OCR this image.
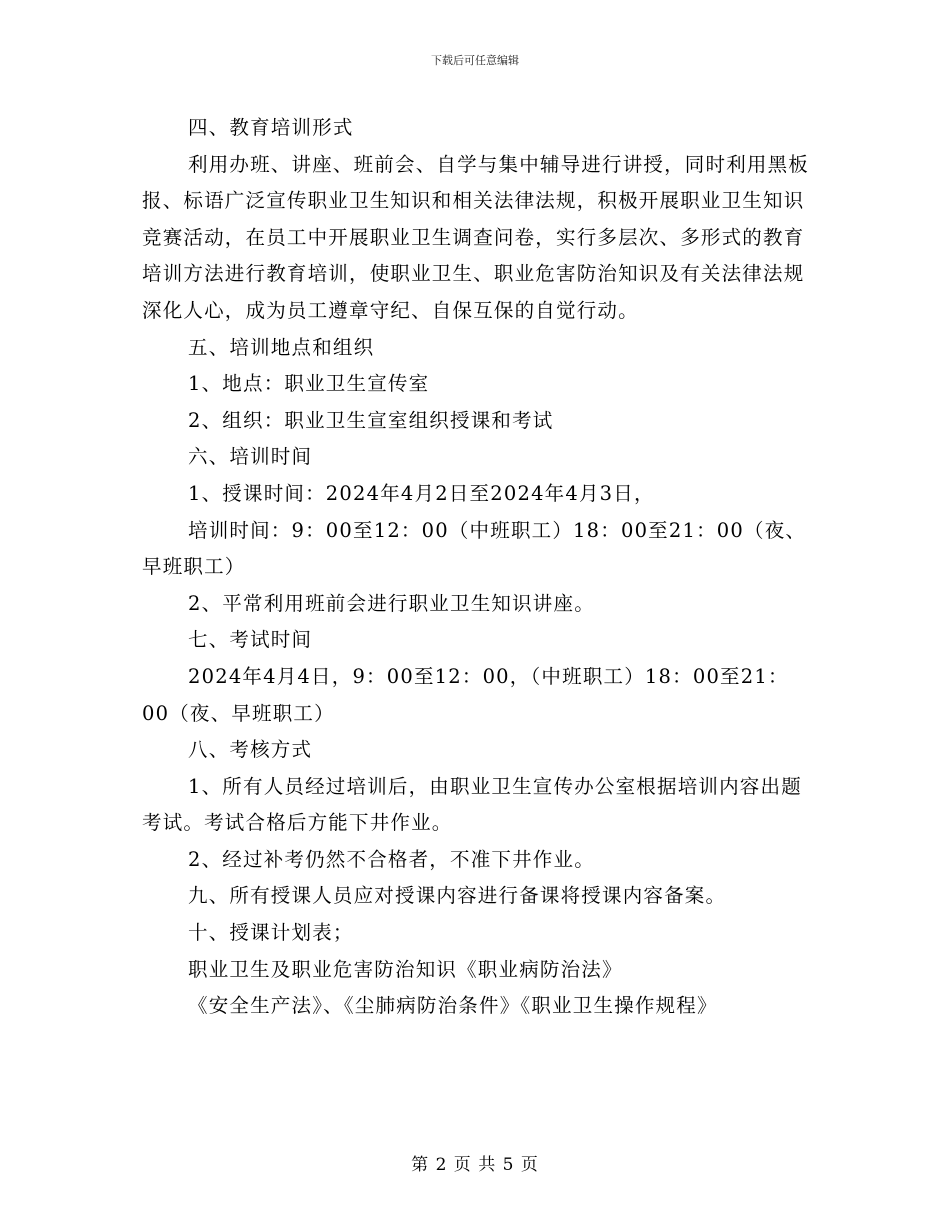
下载后可任意编辑

四、教育培训形式

利用办班、讲座、班前会、自学与集中辅导进行讲授，同时利用黑板报、标语广泛宣传职业卫生知识和相关法律法规，积极开展职业卫生知识竞赛活动，在员工中开展职业卫生调查问卷，实行多层次、多形式的教育培训方法进行教育培训，使职业卫生、职业危害防治知识及有关法律法规深化人心，成为员工遵章守纪、自保互保的自觉行动。

五、培训地点和组织

1、地点：职业卫生宣传室

2、组织：职业卫生宣室组织授课和考试

六、培训时间

1、授课时间：2024年4月2日至2024年4月3日，

培训时间：9：00至12：00（中班职工）18：00至21：00（夜、早班职工）

2、平常利用班前会进行职业卫生知识讲座。

七、考试时间

2024年4月4日，9：00至12：00，（中班职工）18：00至21：00（夜、早班职工）

八、考核方式

1、所有人员经过培训后，由职业卫生宣传办公室根据培训内容出题考试。考试合格后方能下井作业。

2、经过补考仍然不合格者，不准下井作业。

九、所有授课人员应对授课内容进行备课将授课内容备案。

十、授课计划表；

职业卫生及职业危害防治知识《职业病防治法》

《安全生产法》、《尘肺病防治条件》《职业卫生操作规程》

第 2 页 共 5 页
